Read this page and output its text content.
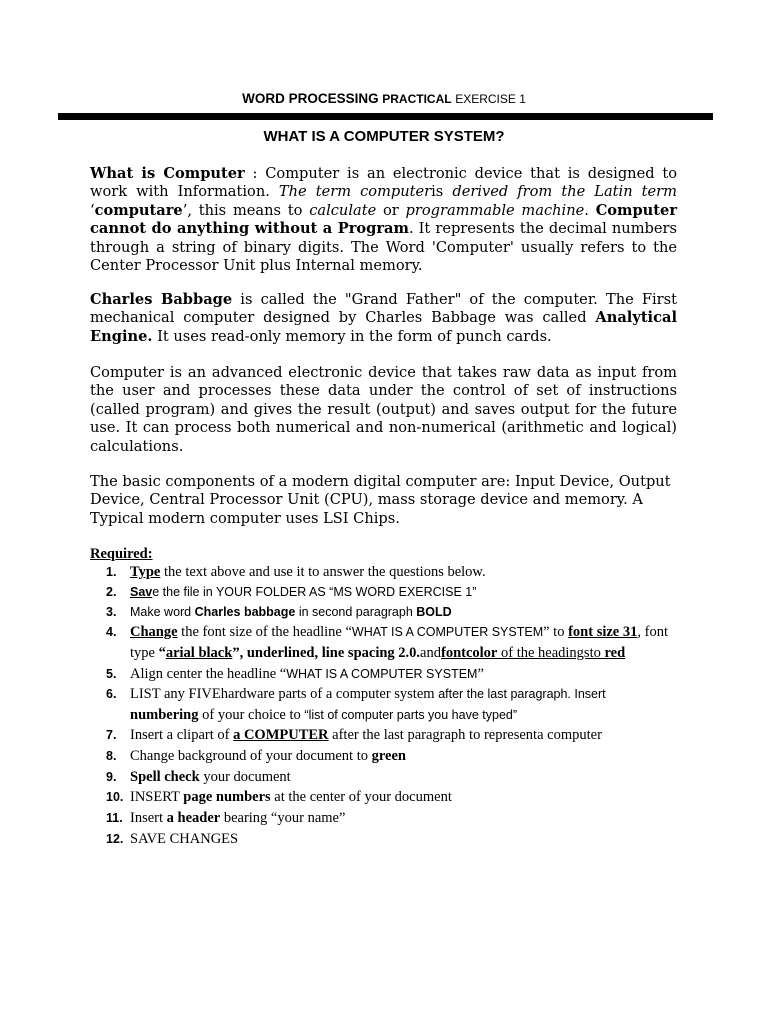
WORD PROCESSING PRACTICAL EXERCISE 1
WHAT IS A COMPUTER SYSTEM?

What is Computer : Computer is an electronic device that is designed to work with Information. The term computeris derived from the Latin term ‘computare’, this means to calculate or programmable machine. Computer cannot do anything without a Program. It represents the decimal numbers through a string of binary digits. The Word 'Computer' usually refers to the Center Processor Unit plus Internal memory.

Charles Babbage is called the "Grand Father" of the computer. The First mechanical computer designed by Charles Babbage was called Analytical Engine. It uses read-only memory in the form of punch cards.

Computer is an advanced electronic device that takes raw data as input from the user and processes these data under the control of set of instructions (called program) and gives the result (output) and saves output for the future use. It can process both numerical and non-numerical (arithmetic and logical) calculations.

The basic components of a modern digital computer are: Input Device, Output Device, Central Processor Unit (CPU), mass storage device and memory. A Typical modern computer uses LSI Chips.

Required:
1. Type the text above and use it to answer the questions below.
2.	Save the file in YOUR FOLDER AS “MS WORD EXERCISE 1”
3.	Make word Charles babbage in second paragraph BOLD
4. Change the font size of the headline “WHAT IS A COMPUTER SYSTEM” to font size 31, font
type “arial black”, underlined, line spacing 2.0.andfontcolor of the headingsto red
5. Align center the headline “WHAT IS A COMPUTER SYSTEM”
6. LIST any FIVEhardware parts of a computer system after the last paragraph. Insert
numbering of your choice to “list of computer parts you have typed”
7. Insert a clipart of a COMPUTER after the last paragraph to representa computer
8. Change background of your document to green
9. Spell check your document
10. INSERT page numbers at the center of your document
11. Insert a header bearing “your name”
12. SAVE CHANGES
